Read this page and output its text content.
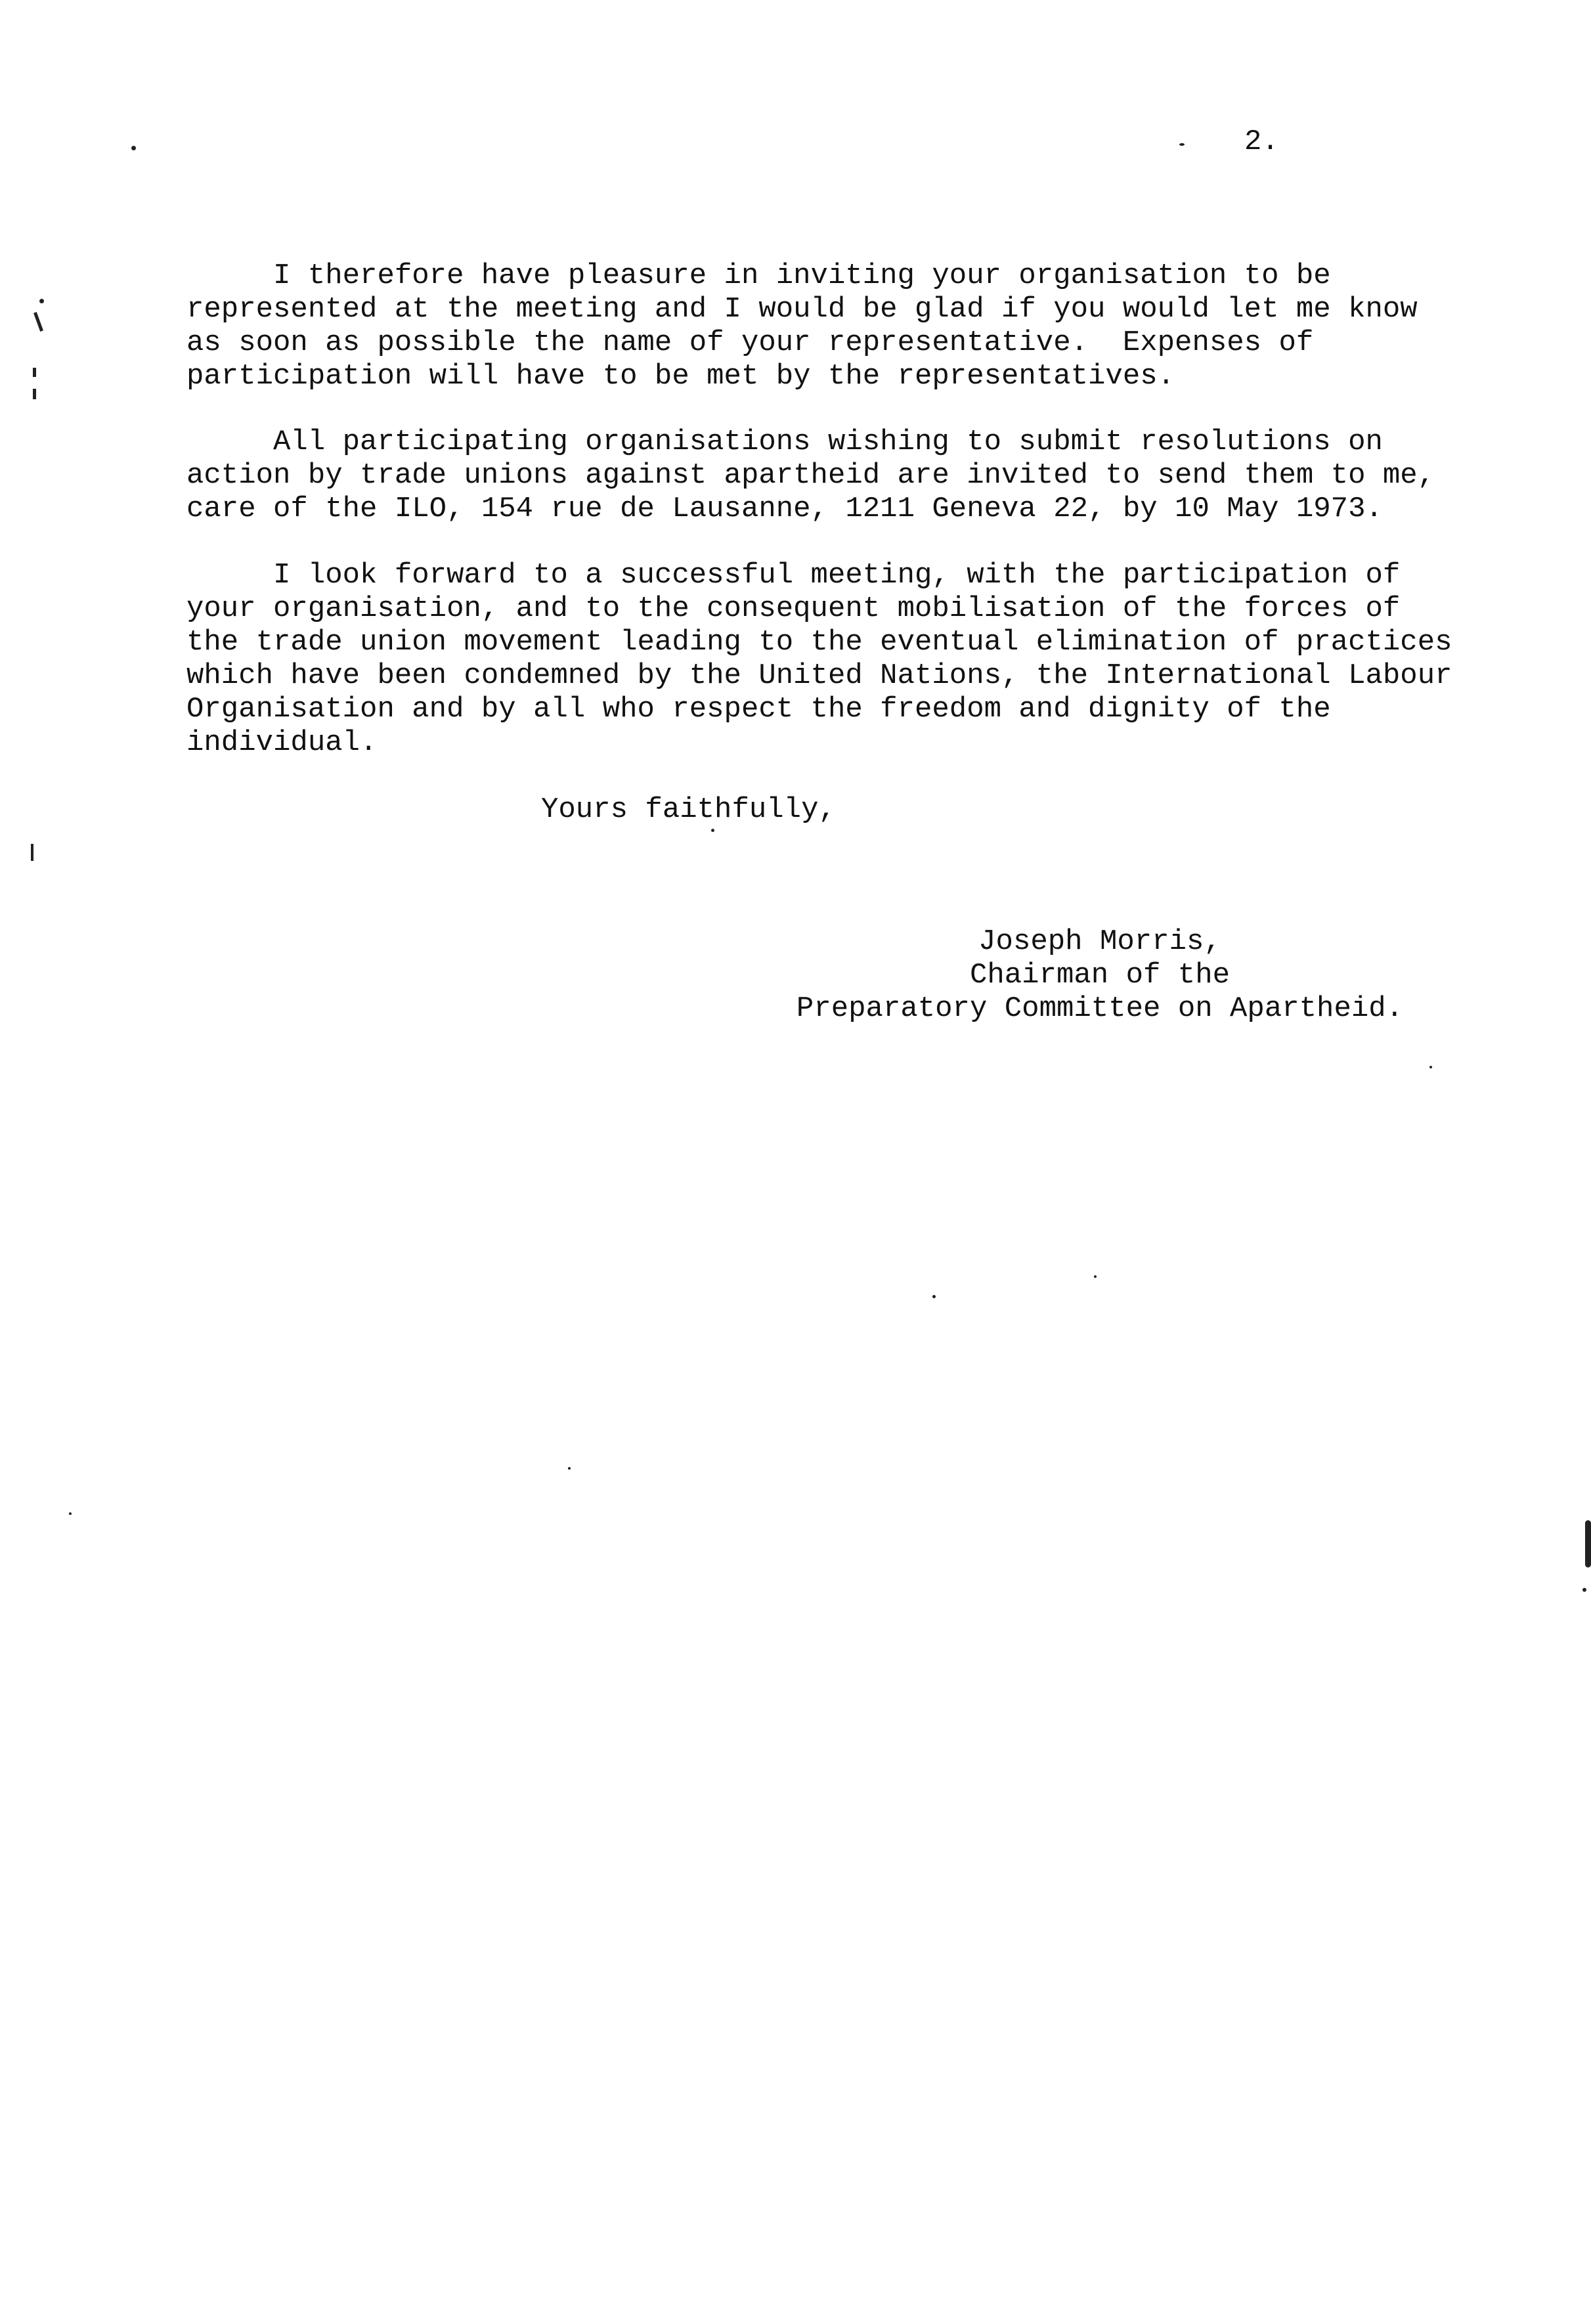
2.
I therefore have pleasure in inviting your organisation to be
represented at the meeting and I would be glad if you would let me know
as soon as possible the name of your representative.  Expenses of
participation will have to be met by the representatives.
All participating organisations wishing to submit resolutions on
action by trade unions against apartheid are invited to send them to me,
care of the ILO, 154 rue de Lausanne, 1211 Geneva 22, by 10 May 1973.
I look forward to a successful meeting, with the participation of
your organisation, and to the consequent mobilisation of the forces of
the trade union movement leading to the eventual elimination of practices
which have been condemned by the United Nations, the International Labour
Organisation and by all who respect the freedom and dignity of the
individual.
Yours faithfully,
Joseph Morris,
Chairman of the
Preparatory Committee on Apartheid.
